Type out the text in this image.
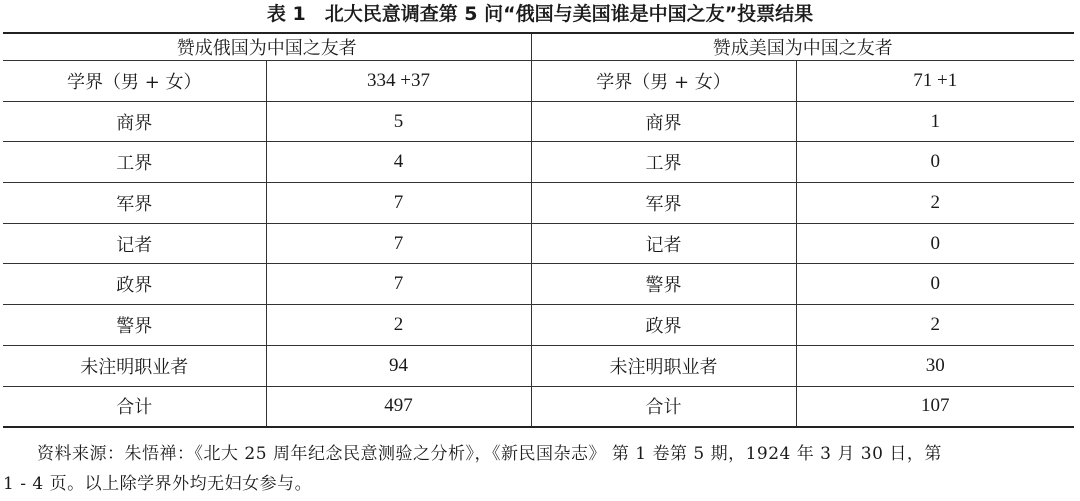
表 1　北大民意调查第 5 问“俄国与美国谁是中国之友”投票结果
赞成俄国为中国之友者		赞成美国为中国之友者	
学界（男 + 女）	334 +37	学界（男 + 女）	71 +1
商界	5	商界	1
工界	4	工界	0
军界	7	军界	2
记者	7	记者	0
政界	7	警界	0
警界	2	政界	2
未注明职业者	94	未注明职业者	30
合计	497	合计	107
资料来源：朱悟禅：《北大 25 周年纪念民意测验之分析》，《新民国杂志》 第 1 卷第 5 期，1924 年 3 月 30 日，第
1 - 4 页。以上除学界外均无妇女参与。
